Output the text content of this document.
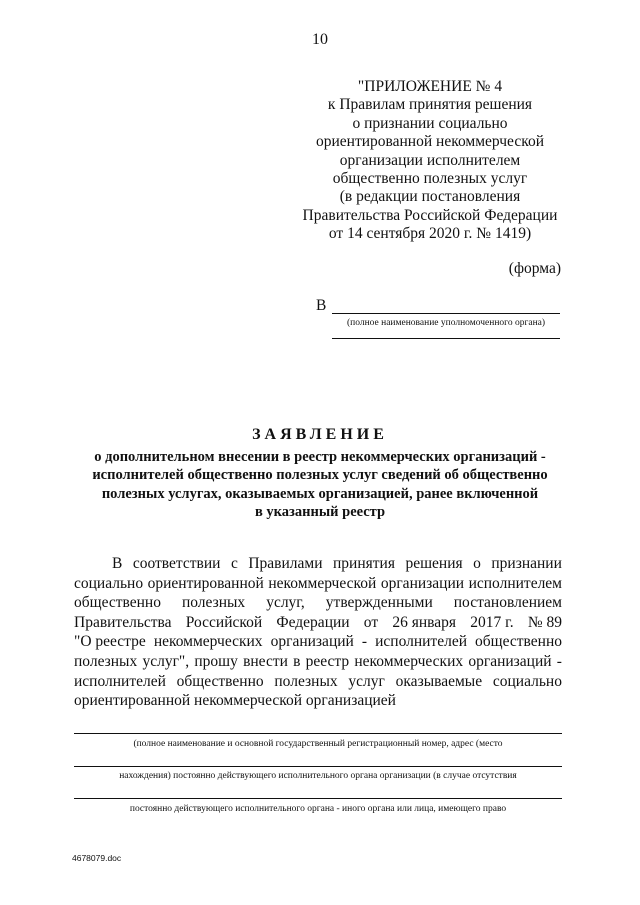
10
"ПРИЛОЖЕНИЕ № 4
к Правилам принятия решения
о признании социально
ориентированной некоммерческой
организации исполнителем
общественно полезных услуг
(в редакции постановления
Правительства Российской Федерации
от 14 сентября 2020 г. № 1419)
(форма)
В
(полное наименование уполномоченного органа)
ЗАЯВЛЕНИЕ
о дополнительном внесении в реестр некоммерческих организаций -
исполнителей общественно полезных услуг сведений об общественно
полезных услугах, оказываемых организацией, ранее включенной
в указанный реестр
В соответствии с Правилами принятия решения о признании
социально ориентированной некоммерческой организации исполнителем
общественно полезных услуг, утвержденными постановлением
Правительства Российской Федерации от 26 января 2017 г. № 89
"О реестре некоммерческих организаций - исполнителей общественно
полезных услуг", прошу внести в реестр некоммерческих организаций -
исполнителей общественно полезных услуг оказываемые социально
ориентированной некоммерческой организацией
(полное наименование и основной государственный регистрационный номер, адрес (место
нахождения) постоянно действующего исполнительного органа организации (в случае отсутствия
постоянно действующего исполнительного органа - иного органа или лица, имеющего право
4678079.doc
